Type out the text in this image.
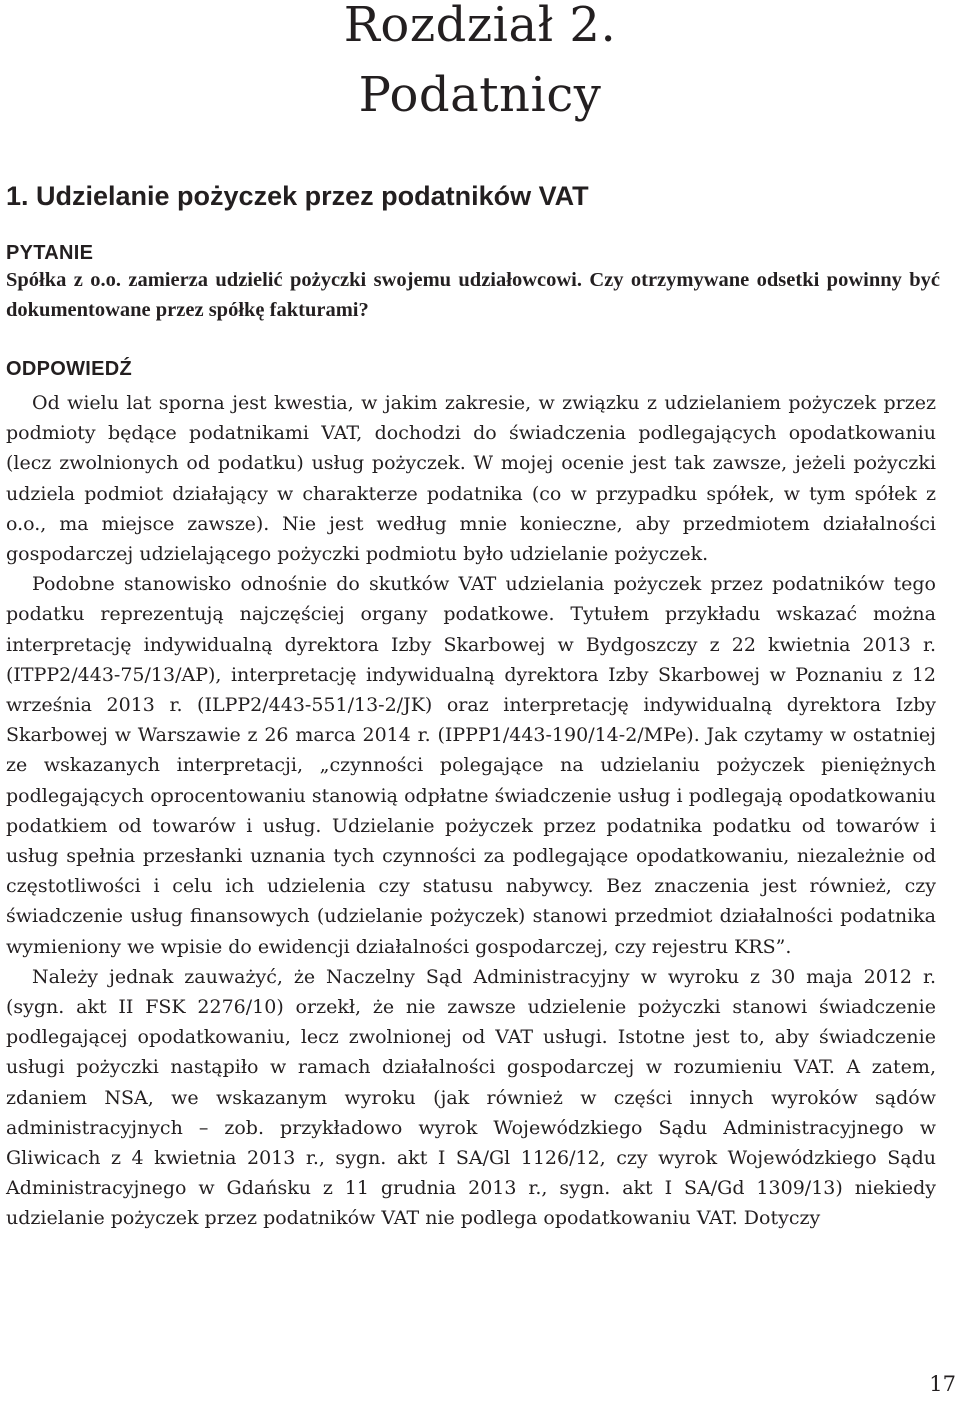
Rozdział 2.
Podatnicy
1. Udzielanie pożyczek przez podatników VAT
PYTANIE

Spółka z o.o. zamierza udzielić pożyczki swojemu udziałowcowi. Czy otrzymywane odsetki powinny być dokumentowane przez spółkę fakturami?

ODPOWIEDŹ

Od wielu lat sporna jest kwestia, w jakim zakresie, w związku z udzielaniem pożyczek przez podmioty będące podatnikami VAT, dochodzi do świadczenia podlegających opodatkowaniu (lecz zwolnionych od podatku) usług pożyczek. W mojej ocenie jest tak zawsze, jeżeli pożyczki udziela podmiot działający w charakterze podatnika (co w przypadku spółek, w tym spółek z o.o., ma miejsce zawsze). Nie jest według mnie konieczne, aby przedmiotem działalności gospodarczej udzielającego pożyczki podmiotu było udzielanie pożyczek.

Podobne stanowisko odnośnie do skutków VAT udzielania pożyczek przez podatników tego podatku reprezentują najczęściej organy podatkowe. Tytułem przykładu wskazać można interpretację indywidualną dyrektora Izby Skarbowej w Bydgoszczy z 22 kwietnia 2013 r. (ITPP2/443-75/13/AP), interpretację indywidualną dyrektora Izby Skarbowej w Poznaniu z 12 września 2013 r. (ILPP2/443-551/13-2/JK) oraz interpretację indywidualną dyrektora Izby Skarbowej w Warszawie z 26 marca 2014 r. (IPPP1/443-190/14-2/MPe). Jak czytamy w ostatniej ze wskazanych interpretacji, „czynności polegające na udzielaniu pożyczek pieniężnych podlegających oprocentowaniu stanowią odpłatne świadczenie usług i podlegają opodatkowaniu podatkiem od towarów i usług. Udzielanie pożyczek przez podatnika podatku od towarów i usług spełnia przesłanki uznania tych czynności za podlegające opodatkowaniu, niezależnie od częstotliwości i celu ich udzielenia czy statusu nabywcy. Bez znaczenia jest również, czy świadczenie usług finansowych (udzielanie pożyczek) stanowi przedmiot działalności podatnika wymieniony we wpisie do ewidencji działalności gospodarczej, czy rejestru KRS”.

Należy jednak zauważyć, że Naczelny Sąd Administracyjny w wyroku z 30 maja 2012 r. (sygn. akt II FSK 2276/10) orzekł, że nie zawsze udzielenie pożyczki stanowi świadczenie podlegającej opodatkowaniu, lecz zwolnionej od VAT usługi. Istotne jest to, aby świadczenie usługi pożyczki nastąpiło w ramach działalności gospodarczej w rozumieniu VAT. A zatem, zdaniem NSA, we wskazanym wyroku (jak również w części innych wyroków sądów administracyjnych – zob. przykładowo wyrok Wojewódzkiego Sądu Administracyjnego w Gliwicach z 4 kwietnia 2013 r., sygn. akt I SA/Gl 1126/12, czy wyrok Wojewódzkiego Sądu Administracyjnego w Gdańsku z 11 grudnia 2013 r., sygn. akt I SA/Gd 1309/13) niekiedy udzielanie pożyczek przez podatników VAT nie podlega opodatkowaniu VAT. Dotyczy

17
